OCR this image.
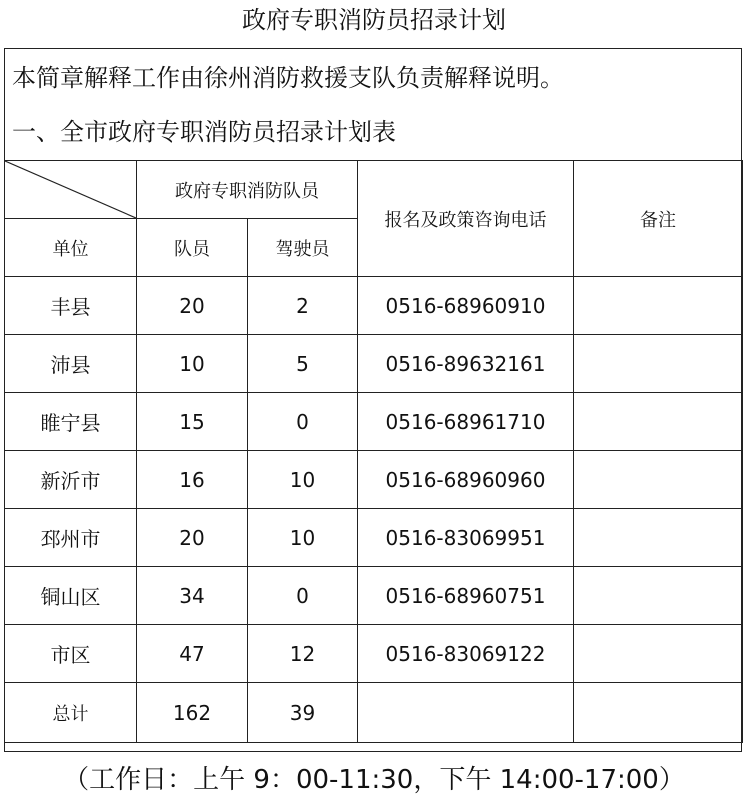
政府专职消防员招录计划
本简章解释工作由徐州消防救援支队负责解释说明。
一、全市政府专职消防员招录计划表
	政府专职消防队员		报名及政策咨询电话	备注
单位	队员	驾驶员		
丰县	20	2	0516-68960910	
沛县	10	5	0516-89632161	
睢宁县	15	0	0516-68961710	
新沂市	16	10	0516-68960960	
邳州市	20	10	0516-83069951	
铜山区	34	0	0516-68960751	
市区	47	12	0516-83069122	
总计	162	39		
（工作日：上午 9：00-11:30，下午 14:00-17:00）
